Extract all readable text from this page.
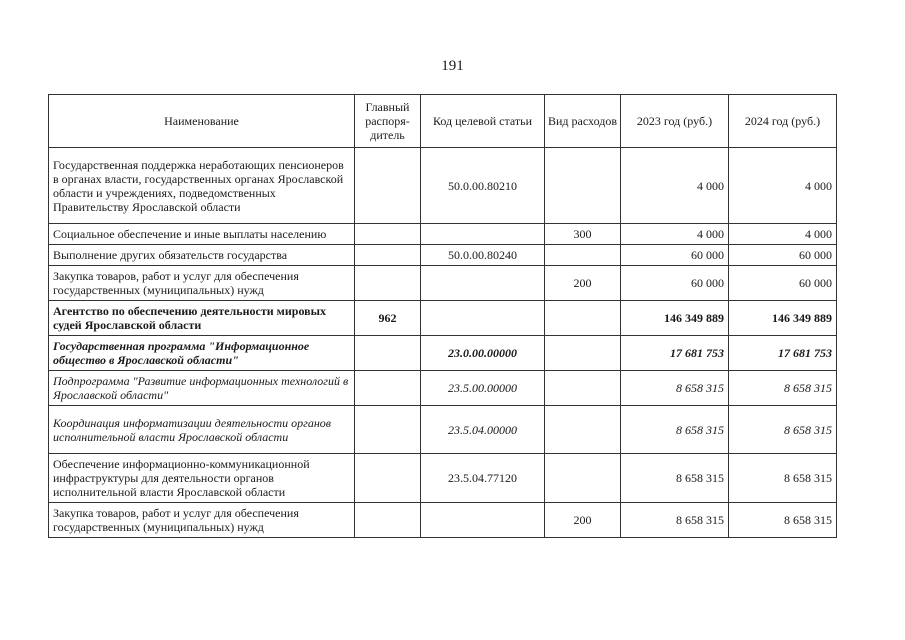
191
Наименование	Главный распоря-дитель	Код целевой статьи	Вид расходов	2023 год (руб.)	2024 год (руб.)
Государственная поддержка неработающих пенсионеров в органах власти, государственных органах Ярославской области и учреждениях, подведомственных Правительству Ярославской области		50.0.00.80210		4 000	4 000
Социальное обеспечение и иные выплаты населению			300	4 000	4 000
Выполнение других обязательств государства		50.0.00.80240		60 000	60 000
Закупка товаров, работ и услуг для обеспечения государственных (муниципальных) нужд			200	60 000	60 000
Агентство по обеспечению деятельности мировых судей Ярославской области	962			146 349 889	146 349 889
Государственная программа "Информационное общество в Ярославской области"		23.0.00.00000		17 681 753	17 681 753
Подпрограмма "Развитие информационных технологий в Ярославской области"		23.5.00.00000		8 658 315	8 658 315
Координация информатизации деятельности органов исполнительной власти Ярославской области		23.5.04.00000		8 658 315	8 658 315
Обеспечение информационно-коммуникационной инфраструктуры для деятельности органов исполнительной власти Ярославской области		23.5.04.77120		8 658 315	8 658 315
Закупка товаров, работ и услуг для обеспечения государственных (муниципальных) нужд			200	8 658 315	8 658 315
